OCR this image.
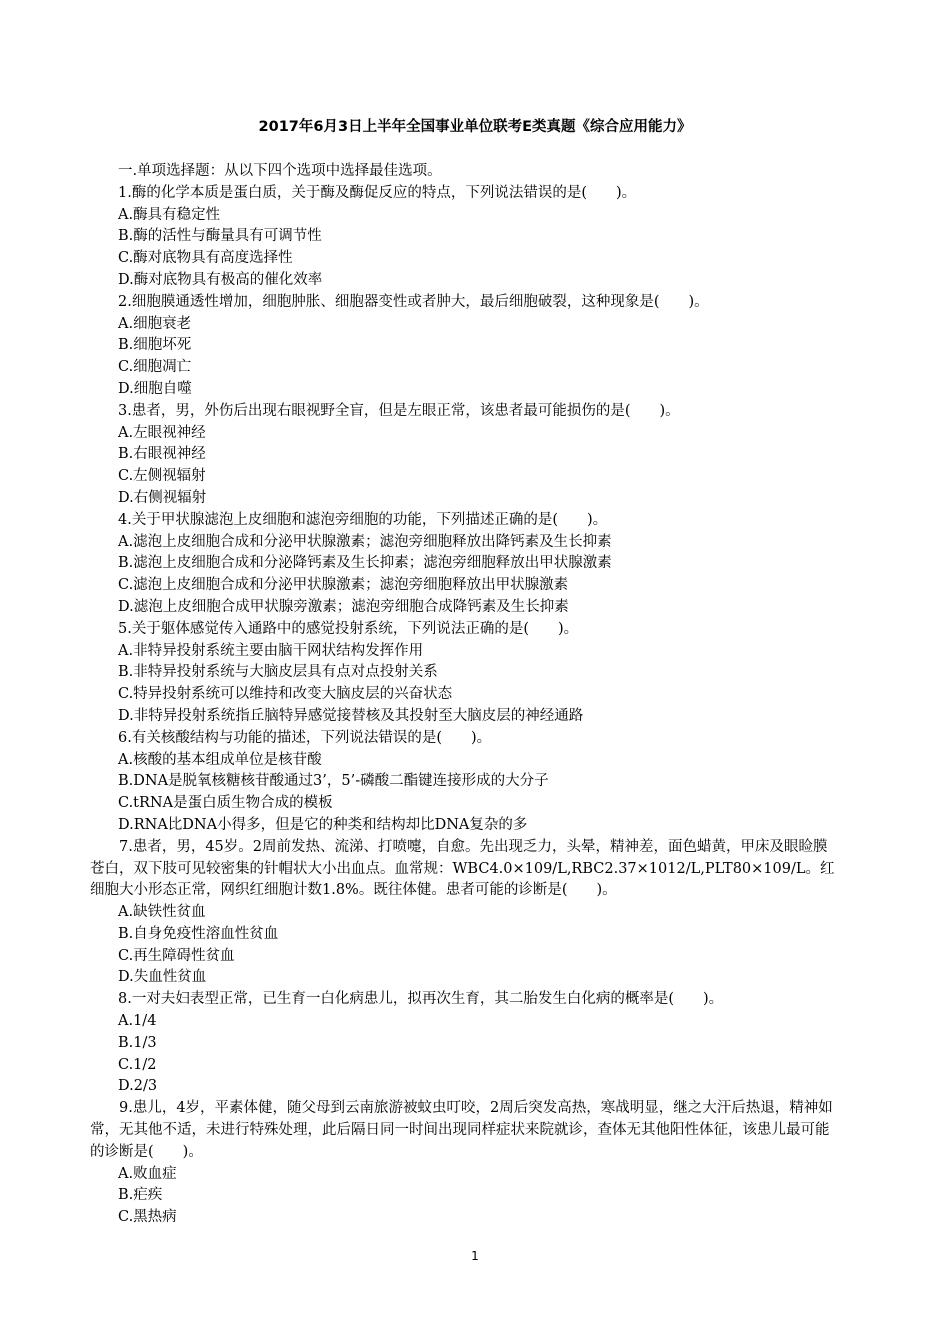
2017年6月3日上半年全国事业单位联考E类真题《综合应用能力》
一.单项选择题：从以下四个选项中选择最佳选项。
1.酶的化学本质是蛋白质，关于酶及酶促反应的特点，下列说法错误的是(　　)。
A.酶具有稳定性
B.酶的活性与酶量具有可调节性
C.酶对底物具有高度选择性
D.酶对底物具有极高的催化效率
2.细胞膜通透性增加，细胞肿胀、细胞器变性或者肿大，最后细胞破裂，这种现象是(　　)。
A.细胞衰老
B.细胞坏死
C.细胞凋亡
D.细胞自噬
3.患者，男，外伤后出现右眼视野全盲，但是左眼正常，该患者最可能损伤的是(　　)。
A.左眼视神经
B.右眼视神经
C.左侧视辐射
D.右侧视辐射
4.关于甲状腺滤泡上皮细胞和滤泡旁细胞的功能，下列描述正确的是(　　)。
A.滤泡上皮细胞合成和分泌甲状腺激素；滤泡旁细胞释放出降钙素及生长抑素
B.滤泡上皮细胞合成和分泌降钙素及生长抑素；滤泡旁细胞释放出甲状腺激素
C.滤泡上皮细胞合成和分泌甲状腺激素；滤泡旁细胞释放出甲状腺激素
D.滤泡上皮细胞合成甲状腺旁激素；滤泡旁细胞合成降钙素及生长抑素
5.关于躯体感觉传入通路中的感觉投射系统，下列说法正确的是(　　)。
A.非特异投射系统主要由脑干网状结构发挥作用
B.非特异投射系统与大脑皮层具有点对点投射关系
C.特异投射系统可以维持和改变大脑皮层的兴奋状态
D.非特异投射系统指丘脑特异感觉接替核及其投射至大脑皮层的神经通路
6.有关核酸结构与功能的描述，下列说法错误的是(　　)。
A.核酸的基本组成单位是核苷酸
B.DNA是脱氧核糖核苷酸通过3’，5’-磷酸二酯键连接形成的大分子
C.tRNA是蛋白质生物合成的模板
D.RNA比DNA小得多，但是它的种类和结构却比DNA复杂的多
7.患者，男，45岁。2周前发热、流涕、打喷嚏，自愈。先出现乏力，头晕，精神差，面色蜡黄，甲床及眼睑膜苍白，双下肢可见较密集的针帽状大小出血点。血常规：WBC4.0×109/L,RBC2.37×1012/L,PLT80×109/L。红细胞大小形态正常，网织红细胞计数1.8%。既往体健。患者可能的诊断是(　　)。
A.缺铁性贫血
B.自身免疫性溶血性贫血
C.再生障碍性贫血
D.失血性贫血
8.一对夫妇表型正常，已生育一白化病患儿，拟再次生育，其二胎发生白化病的概率是(　　)。
A.1/4
B.1/3
C.1/2
D.2/3
9.患儿，4岁，平素体健，随父母到云南旅游被蚊虫叮咬，2周后突发高热，寒战明显，继之大汗后热退，精神如常，无其他不适，未进行特殊处理，此后隔日同一时间出现同样症状来院就诊，查体无其他阳性体征，该患儿最可能的诊断是(　　)。
A.败血症
B.疟疾
C.黑热病
1
